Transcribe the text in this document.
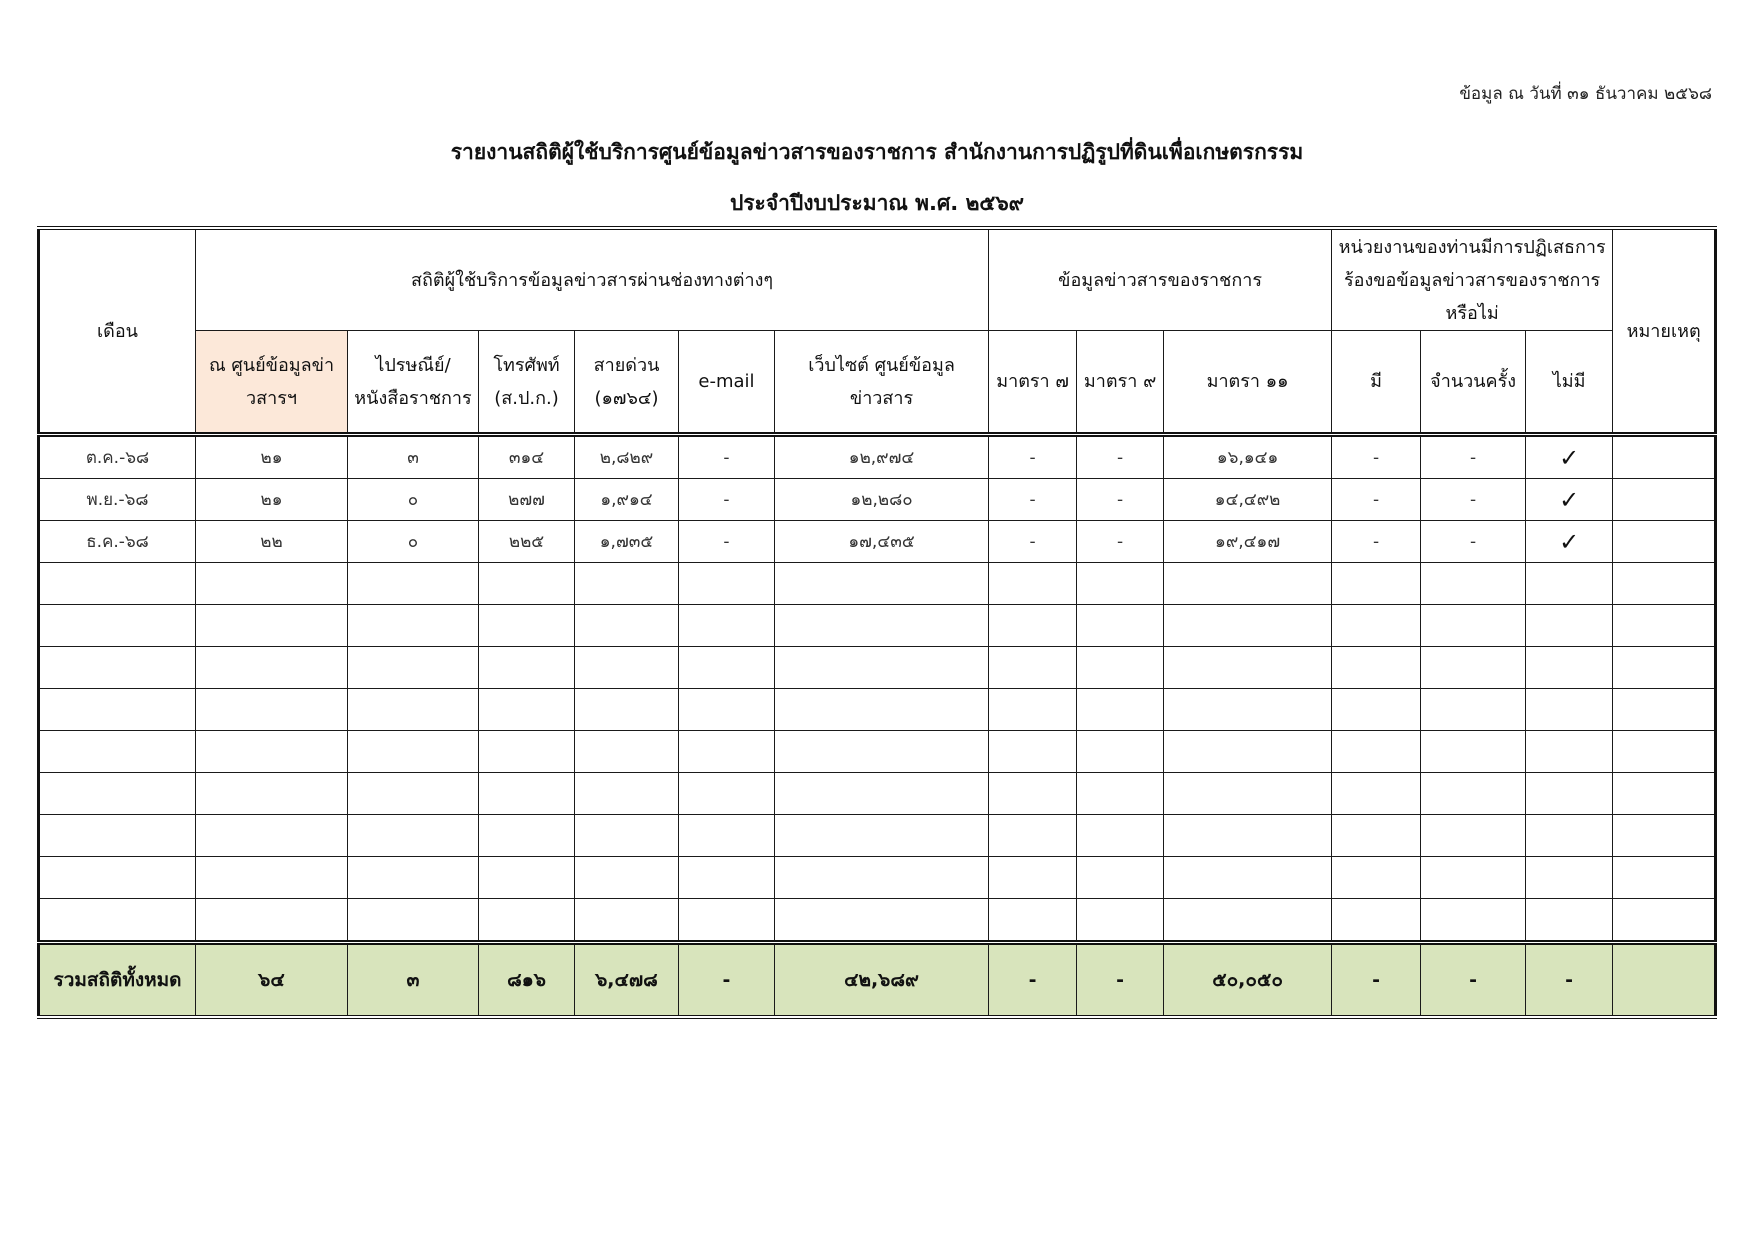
ข้อมูล ณ วันที่ ๓๑ ธันวาคม ๒๕๖๘
รายงานสถิติผู้ใช้บริการศูนย์ข้อมูลข่าวสารของราชการ สำนักงานการปฏิรูปที่ดินเพื่อเกษตรกรรม
ประจำปีงบประมาณ พ.ศ. ๒๕๖๙
เดือน	สถิติผู้ใช้บริการข้อมูลข่าวสารผ่านช่องทางต่างๆ						ข้อมูลข่าวสารของราชการ			หน่วยงานของท่านมีการปฏิเสธการร้องขอข้อมูลข่าวสารของราชการหรือไม่			หมายเหตุ
	ณ ศูนย์ข้อมูลข่าวสารฯ	ไปรษณีย์/ หนังสือราชการ	โทรศัพท์ (ส.ป.ก.)	สายด่วน (๑๗๖๔)	e-mail	เว็บไซต์ ศูนย์ข้อมูลข่าวสาร	มาตรา ๗	มาตรา ๙	มาตรา ๑๑	มี	จำนวนครั้ง	ไม่มี	
ต.ค.-๖๘	๒๑	๓	๓๑๔	๒,๘๒๙	-	๑๒,๙๗๔	-	-	๑๖,๑๔๑	-	-	✓	
พ.ย.-๖๘	๒๑	๐	๒๗๗	๑,๙๑๔	-	๑๒,๒๘๐	-	-	๑๔,๔๙๒	-	-	✓	
ธ.ค.-๖๘	๒๒	๐	๒๒๕	๑,๗๓๕	-	๑๗,๔๓๕	-	-	๑๙,๔๑๗	-	-	✓	

รวมสถิติทั้งหมด	๖๔	๓	๘๑๖	๖,๔๗๘	-	๔๒,๖๘๙	-	-	๕๐,๐๕๐	-	-	-	
